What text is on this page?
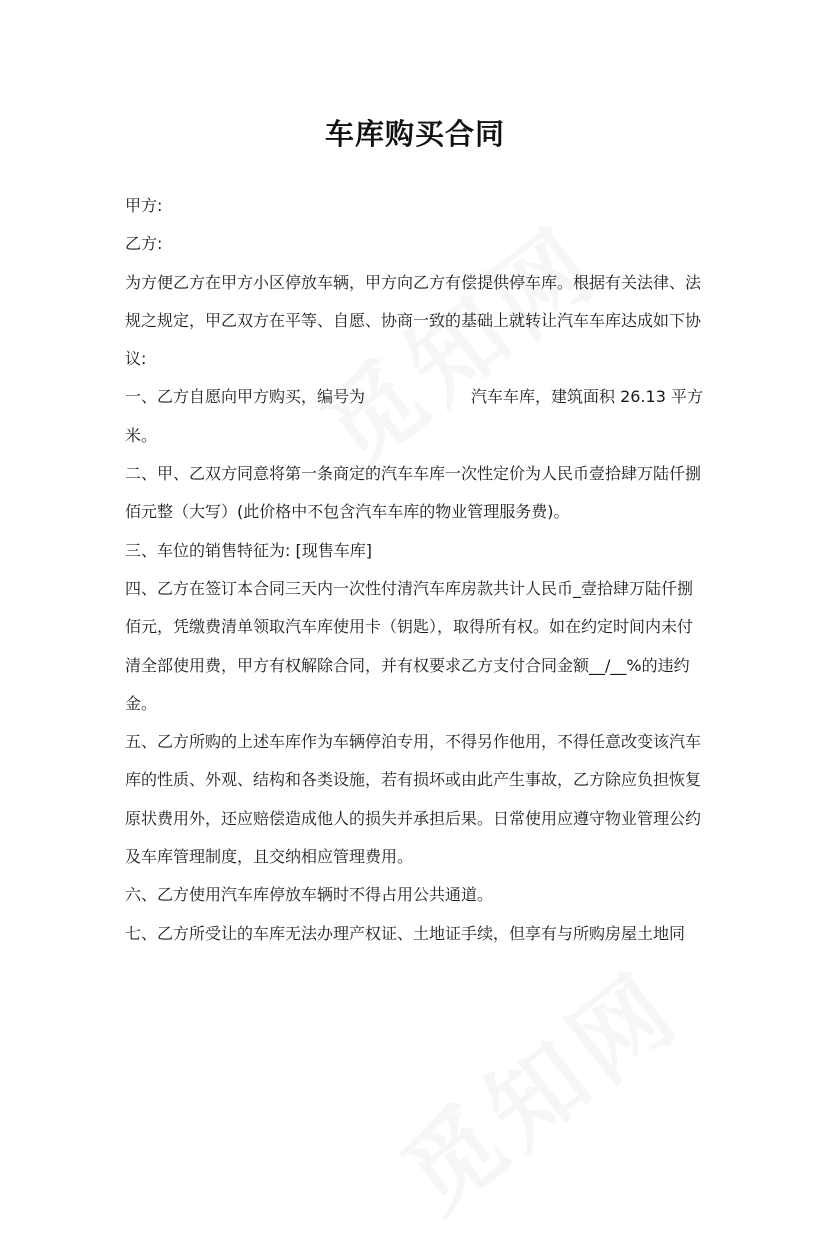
车库购买合同

甲方:

乙方:

为方便乙方在甲方小区停放车辆，甲方向乙方有偿提供停车库。根据有关法律、法规之规定，甲乙双方在平等、自愿、协商一致的基础上就转让汽车车库达成如下协议:

一、乙方自愿向甲方购买，编号为	汽车车库，建筑面积 26.13 平方米。

二、甲、乙双方同意将第一条商定的汽车车库一次性定价为人民币壹拾肆万陆仟捌佰元整（大写）(此价格中不包含汽车车库的物业管理服务费)。

三、车位的销售特征为: [现售车库]

四、乙方在签订本合同三天内一次性付清汽车库房款共计人民币_壹拾肆万陆仟捌佰元，凭缴费清单领取汽车库使用卡（钥匙），取得所有权。如在约定时间内未付清全部使用费，甲方有权解除合同，并有权要求乙方支付合同金额__/__%的违约金。

五、乙方所购的上述车库作为车辆停泊专用，不得另作他用，不得任意改变该汽车库的性质、外观、结构和各类设施，若有损坏或由此产生事故，乙方除应负担恢复原状费用外，还应赔偿造成他人的损失并承担后果。日常使用应遵守物业管理公约及车库管理制度，且交纳相应管理费用。

六、乙方使用汽车库停放车辆时不得占用公共通道。

七、乙方所受让的车库无法办理产权证、土地证手续，但享有与所购房屋土地同
